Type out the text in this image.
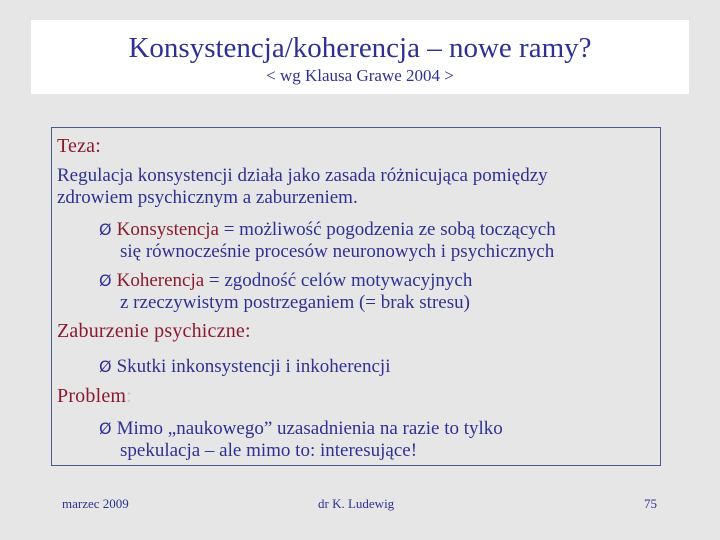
Konsystencja/koherencja – nowe ramy?
< wg Klausa Grawe 2004 >
Teza:
Regulacja konsystencji działa jako zasada różnicująca pomiędzy
zdrowiem psychicznym a zaburzeniem.
Ø Konsystencja = możliwość pogodzenia ze sobą toczących
się równocześnie procesów neuronowych i psychicznych
Ø Koherencja = zgodność celów motywacyjnych
z rzeczywistym postrzeganiem (= brak stresu)
Zaburzenie psychiczne:
Ø Skutki inkonsystencji i inkoherencji
Problem:
Ø Mimo „naukowego” uzasadnienia na razie to tylko
spekulacja – ale mimo to: interesujące!
marzec 2009	dr K. Ludewig	75
